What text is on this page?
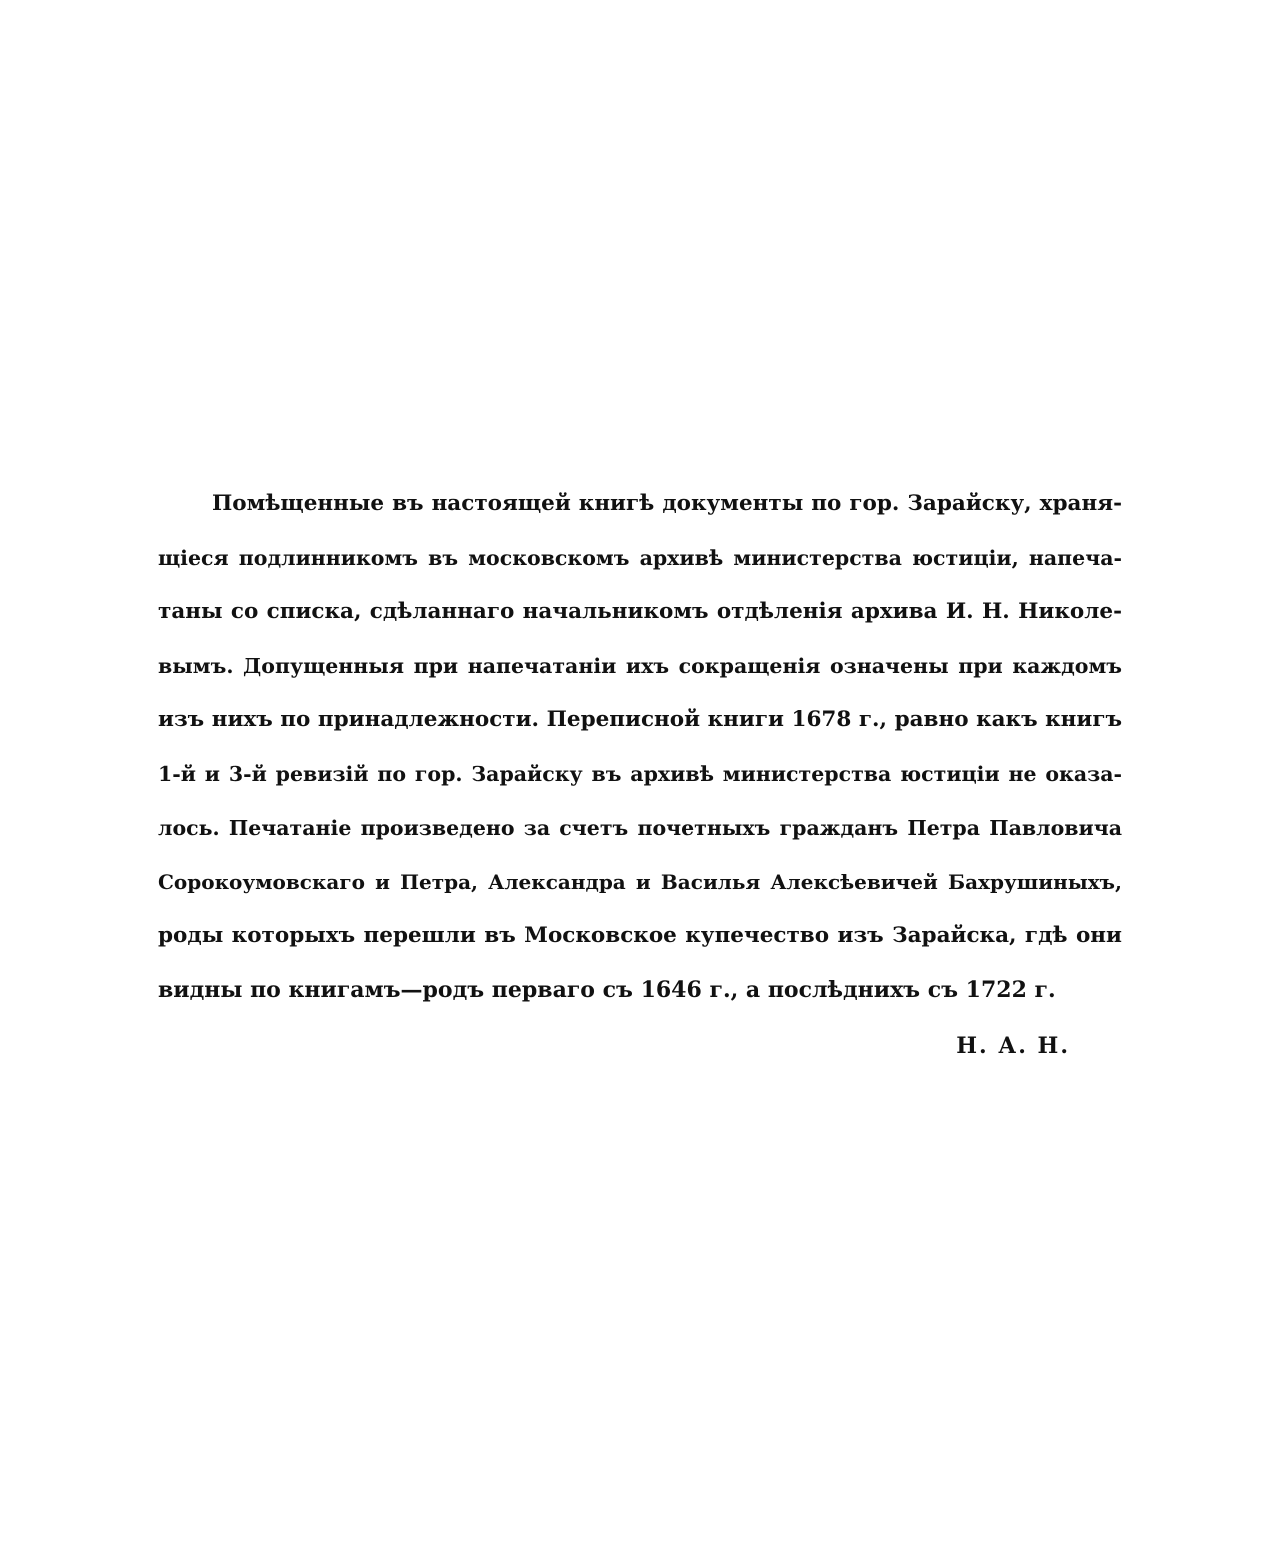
Помѣщенные въ настоящей книгѣ документы по гор. Зарайску, храня-
щіеся подлинникомъ въ московскомъ архивѣ министерства юстиціи, напеча-
таны со списка, сдѣланнаго начальникомъ отдѣленія архива И. Н. Николе-
вымъ. Допущенныя при напечатаніи ихъ сокращенія означены при каждомъ
изъ нихъ по принадлежности. Переписной книги 1678 г., равно какъ книгъ
1-й и 3-й ревизій по гор. Зарайску въ архивѣ министерства юстиціи не оказа-
лось. Печатаніе произведено за счетъ почетныхъ гражданъ Петра Павловича
Сорокоумовскаго и Петра, Александра и Василья Алексѣевичей Бахрушиныхъ,
роды которыхъ перешли въ Московское купечество изъ Зарайска, гдѣ они
видны по книгамъ—родъ перваго съ 1646 г., а послѣднихъ съ 1722 г.
Н. А. Н.
